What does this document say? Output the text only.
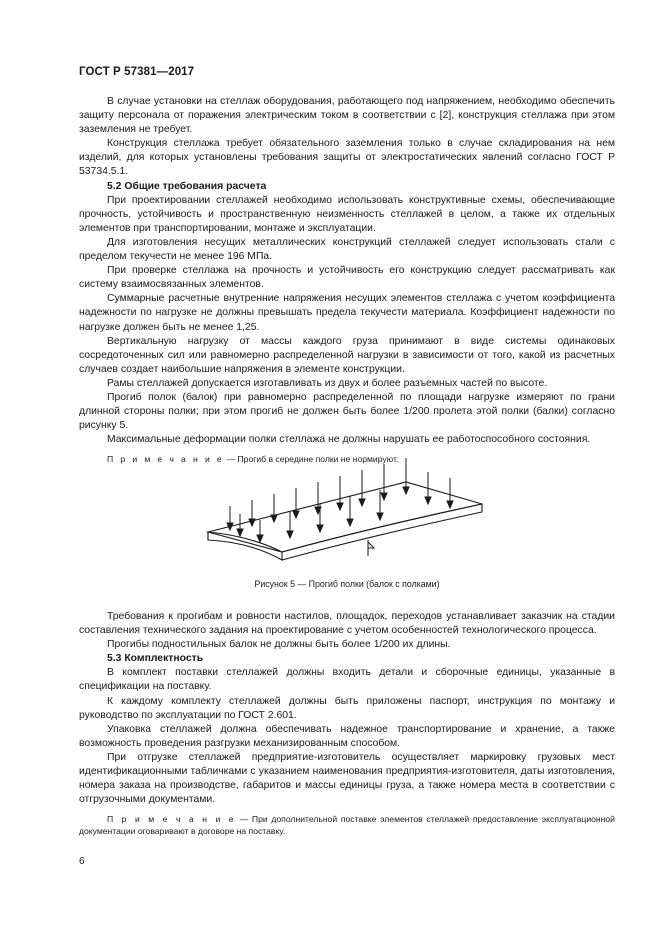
ГОСТ Р 57381—2017

В случае установки на стеллаж оборудования, работающего под напряжением, необходимо обеспечить защиту персонала от поражения электрическим током в соответствии с [2], конструкция стеллажа при этом заземления не требует.

Конструкция стеллажа требует обязательного заземления только в случае складирования на нем изделий, для которых установлены требования защиты от электростатических явлений согласно ГОСТ Р 53734.5.1.

5.2 Общие требования расчета

При проектировании стеллажей необходимо использовать конструктивные схемы, обеспечивающие прочность, устойчивость и пространственную неизменность стеллажей в целом, а также их отдельных элементов при транспортировании, монтаже и эксплуатации.

Для изготовления несущих металлических конструкций стеллажей следует использовать стали с пределом текучести не менее 196 МПа.

При проверке стеллажа на прочность и устойчивость его конструкцию следует рассматривать как систему взаимосвязанных элементов.

Суммарные расчетные внутренние напряжения несущих элементов стеллажа с учетом коэффициента надежности по нагрузке не должны превышать предела текучести материала. Коэффициент надежности по нагрузке должен быть не менее 1,25.

Вертикальную нагрузку от массы каждого груза принимают в виде системы одинаковых сосредоточенных сил или равномерно распределенной нагрузки в зависимости от того, какой из расчетных случаев создает наибольшие напряжения в элементе конструкции.

Рамы стеллажей допускается изготавливать из двух и более разъемных частей по высоте.

Прогиб полок (балок) при равномерно распределенной по площади нагрузке измеряют по грани длинной стороны полки; при этом прогиб не должен быть более 1/200 пролета этой полки (балки) согласно рисунку 5.

Максимальные деформации полки стеллажа не должны нарушать ее работоспособного состояния.

П р и м е ч а н и е — Прогиб в середине полки не нормируют.

Рисунок 5 — Прогиб полки (балок с полками)

Требования к прогибам и ровности настилов, площадок, переходов устанавливает заказчик на стадии составления технического задания на проектирование с учетом особенностей технологического процесса.

Прогибы подностильных балок не должны быть более 1/200 их длины.

5.3 Комплектность

В комплект поставки стеллажей должны входить детали и сборочные единицы, указанные в спецификации на поставку.

К каждому комплекту стеллажей должны быть приложены паспорт, инструкция по монтажу и руководство по эксплуатации по ГОСТ 2.601.

Упаковка стеллажей должна обеспечивать надежное транспортирование и хранение, а также возможность проведения разгрузки механизированным способом.

При отгрузке стеллажей предприятие-изготовитель осуществляет маркировку грузовых мест идентификационными табличками с указанием наименования предприятия-изготовителя, даты изготовления, номера заказа на производстве, габаритов и массы единицы груза, а также номера места в соответствии с отгрузочными документами.

П р и м е ч а н и е — При дополнительной поставке элементов стеллажей предоставление эксплуатационной документации оговаривают в договоре на поставку.

6
